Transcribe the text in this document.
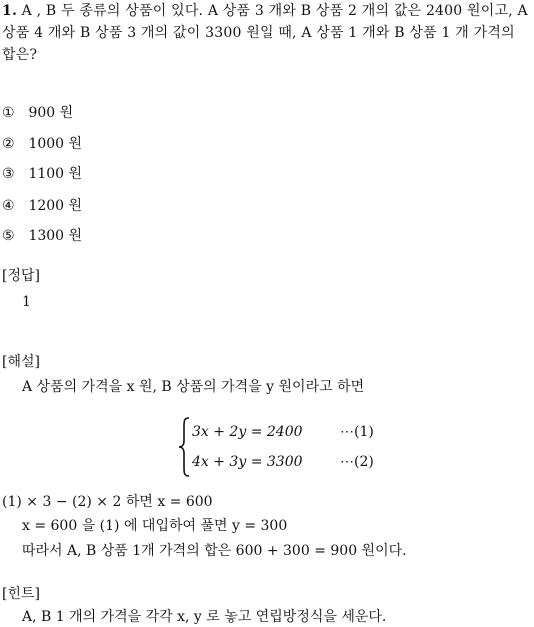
1. A , B 두 종류의 상품이 있다. A 상품 3 개와 B 상품 2 개의 값은 2400 원이고, A 상품 4 개와 B 상품 3 개의 값이 3300 원일 때, A 상품 1 개와 B 상품 1 개 가격의 합은?
① 900 원
② 1000 원
③ 1100 원
④ 1200 원
⑤ 1300 원
[정답]
1
[해설]
A 상품의 가격을 x 원, B 상품의 가격을 y 원이라고 하면
3x + 2y = 2400	⋯(1)
4x + 3y = 3300	⋯(2)
(1) × 3 − (2) × 2 하면 x = 600
x = 600 을 (1) 에 대입하여 풀면 y = 300
따라서 A, B 상품 1개 가격의 합은 600 + 300 = 900 원이다.
[힌트]
A, B 1 개의 가격을 각각 x, y 로 놓고 연립방정식을 세운다.
